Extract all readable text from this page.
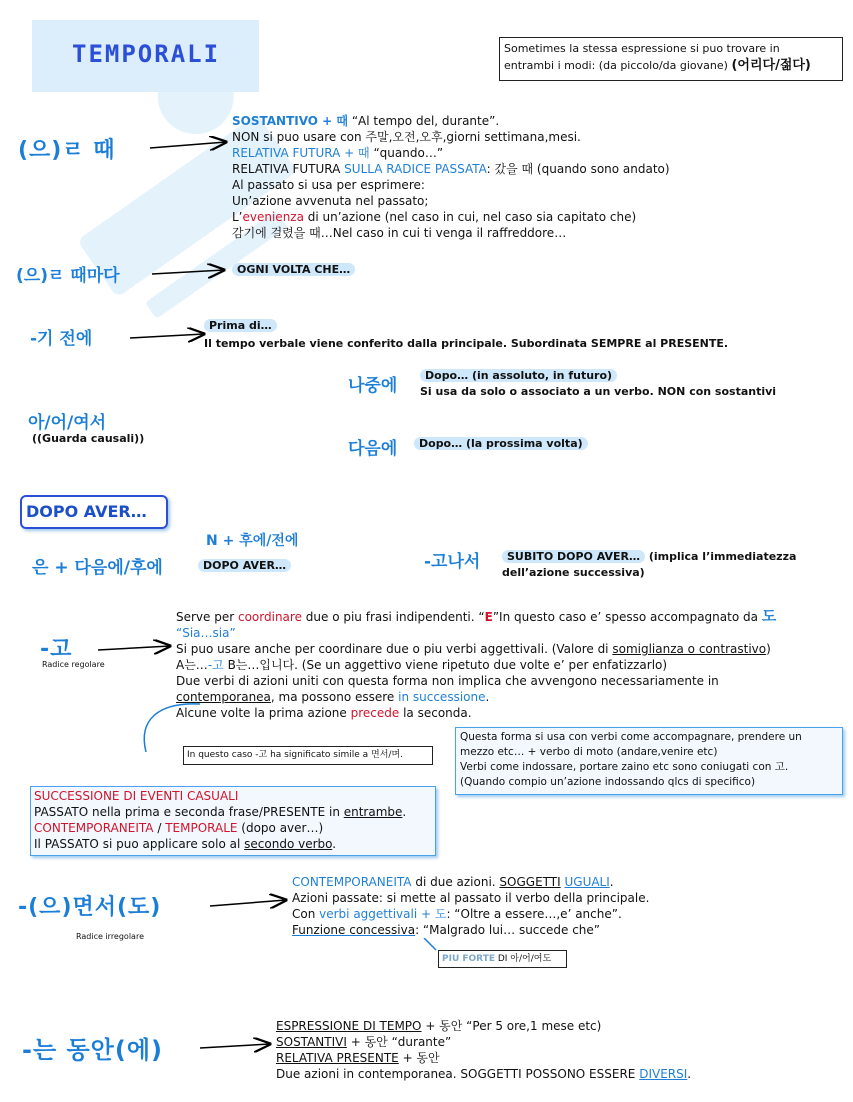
TEMPORALI	Sometimes la stessa espressione si puo trovare in
entrambi i modi: (da piccolo/da giovane) (어리다/젊다)
(으)ㄹ 때
SOSTANTIVO + 때 “Al tempo del, durante”.
NON si puo usare con 주말,오전,오후,giorni settimana,mesi.
RELATIVA FUTURA + 때 “quando…”
RELATIVA FUTURA SULLA RADICE PASSATA: 갔을 때 (quando sono andato)
Al passato si usa per esprimere:
Un’azione avvenuta nel passato;
L’evenienza di un’azione (nel caso in cui, nel caso sia capitato che)
감기에 걸렸을 때…Nel caso in cui ti venga il raffreddore…
(으)ㄹ 때마다	OGNI VOLTA CHE…
-기 전에
Prima di…
Il tempo verbale viene conferito dalla principale. Subordinata SEMPRE al PRESENTE.
나중에
Dopo… (in assoluto, in futuro)
Si usa da solo o associato a un verbo. NON con sostantivi
아/어/여서
((Guarda causali))
다음에	Dopo… (la prossima volta)
DOPO AVER…
N + 후에/전에
은 + 다음에/후에	DOPO AVER…	-고나서	SUBITO DOPO AVER… (implica l’immediatezza
dell’azione successiva)
-고
Radice regolare
Serve per coordinare due o piu frasi indipendenti. “E”In questo caso e’ spesso accompagnato da 도
“Sia…sia”
Si puo usare anche per coordinare due o piu verbi aggettivali. (Valore di somiglianza o contrastivo)
A는…-고 B는…입니다. (Se un aggettivo viene ripetuto due volte e’ per enfatizzarlo)
Due verbi di azioni uniti con questa forma non implica che avvengono necessariamente in
contemporanea, ma possono essere in successione.
Alcune volte la prima azione precede la seconda.
In questo caso -고 ha significato simile a 면서/며.
Questa forma si usa con verbi come accompagnare, prendere un
mezzo etc… + verbo di moto (andare,venire etc)
Verbi come indossare, portare zaino etc sono coniugati con 고.
(Quando compio un’azione indossando qlcs di specifico)
SUCCESSIONE DI EVENTI CASUALI
PASSATO nella prima e seconda frase/PRESENTE in entrambe.
CONTEMPORANEITA / TEMPORALE (dopo aver…)
Il PASSATO si puo applicare solo al secondo verbo.
-(으)면서(도)
Radice irregolare
CONTEMPORANEITA di due azioni. SOGGETTI UGUALI.
Azioni passate: si mette al passato il verbo della principale.
Con verbi aggettivali + 도: “Oltre a essere…,e’ anche”.
Funzione concessiva: “Malgrado lui… succede che”
PIU FORTE DI 아/어/여도
-는 동안(에)
ESPRESSIONE DI TEMPO + 동안 “Per 5 ore,1 mese etc)
SOSTANTIVI + 동안 “durante”
RELATIVA PRESENTE + 동안
Due azioni in contemporanea. SOGGETTI POSSONO ESSERE DIVERSI.
